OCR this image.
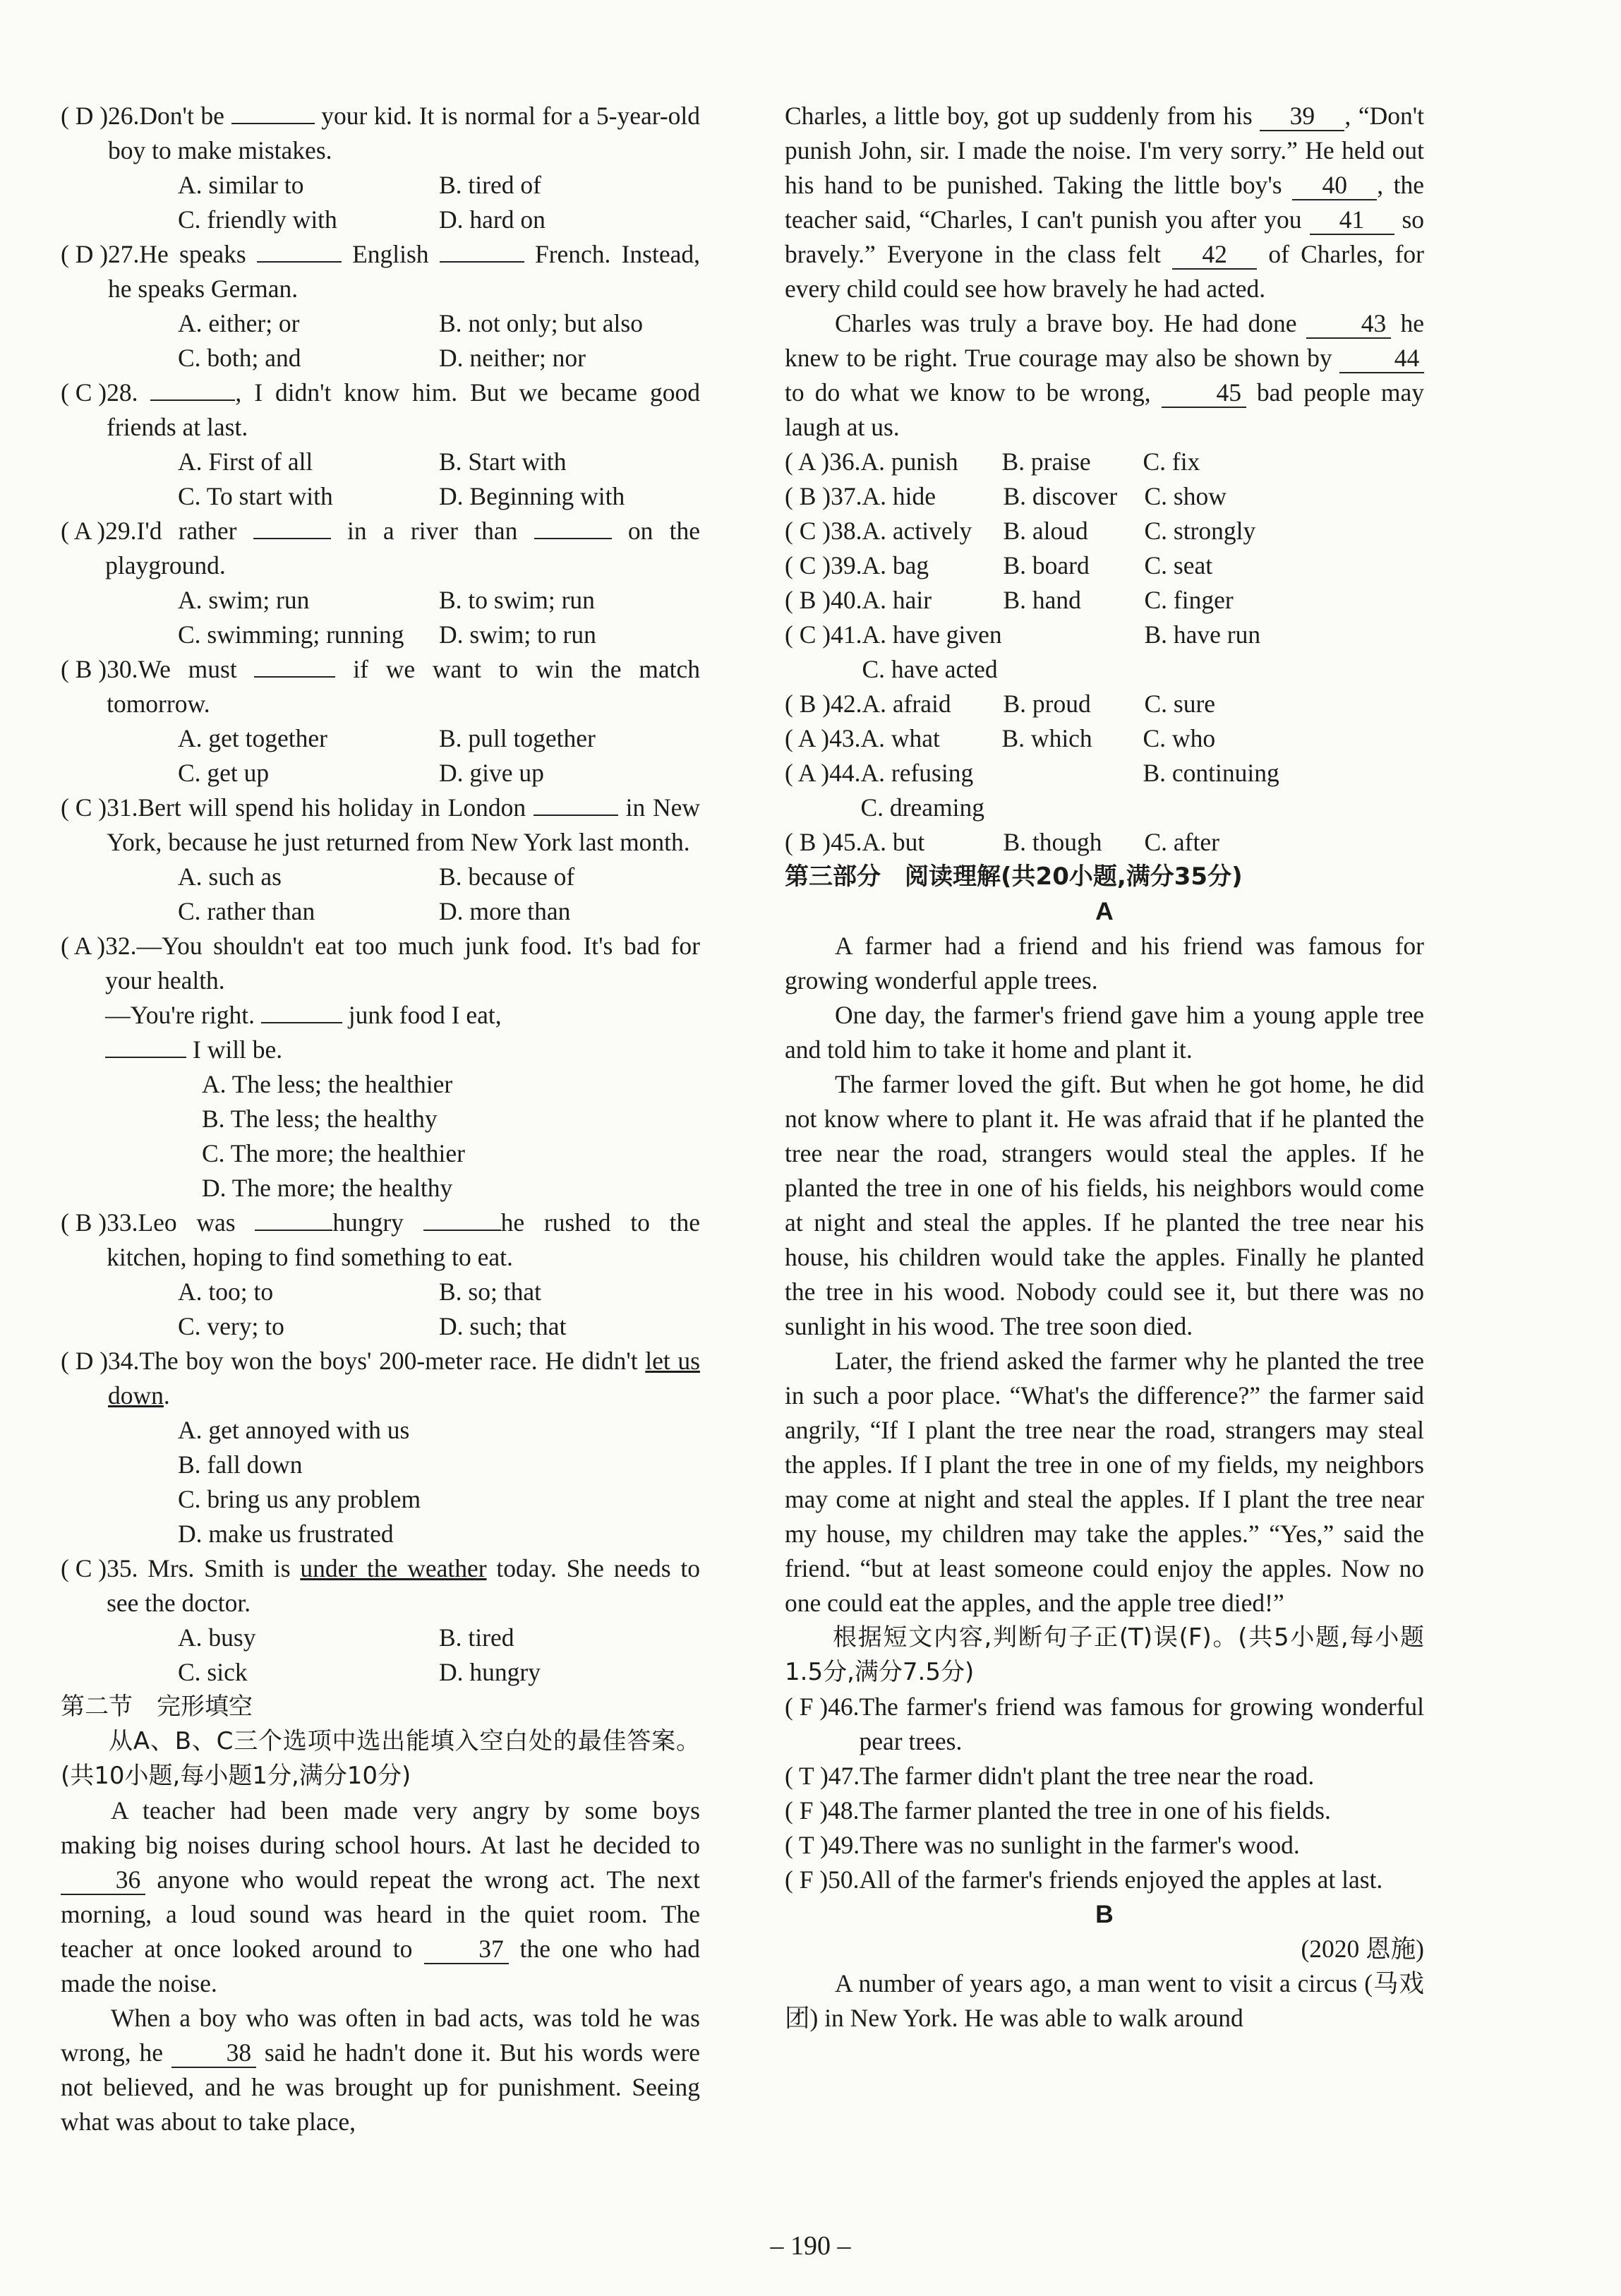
( D ) 26.Don't be	your kid. It is normal for a 5-year-old boy to make mistakes.
A. similar to	B. tired of
C. friendly with	D. hard on
( D ) 27.He speaks	English	French. Instead, he speaks German.
A. either; or	B. not only; but also
C. both; and	D. neither; nor
( C ) 28.	, I didn't know him. But we became good friends at last.
A. First of all	B. Start with
C. To start with	D. Beginning with
( A ) 29.I'd rather	in a river than	on the playground.
A. swim; run	B. to swim; run
C. swimming; running	D. swim; to run
( B ) 30.We must	if we want to win the match tomorrow.
A. get together	B. pull together
C. get up	D. give up
( C ) 31.Bert will spend his holiday in London	in New York, because he just returned from New York last month.
A. such as	B. because of
C. rather than	D. more than
( A ) 32.—You shouldn't eat too much junk food. It's bad for your health.
—You're right.	junk food I eat,
I will be.
A. The less; the healthier
B. The less; the healthy
C. The more; the healthier
D. The more; the healthy
( B ) 33.Leo was	hungry	he rushed to the kitchen, hoping to find something to eat.
A. too; to	B. so; that
C. very; to	D. such; that
( D ) 34.The boy won the boys' 200-meter race. He didn't let us down.
A. get annoyed with us
B. fall down
C. bring us any problem
D. make us frustrated
( C ) 35. Mrs. Smith is under the weather today. She needs to see the doctor.
A. busy	B. tired
C. sick	D. hungry
第二节　完形填空
从A、B、C三个选项中选出能填入空白处的最佳答案。(共10小题,每小题1分,满分10分)
A teacher had been made very angry by some boys making big noises during school hours. At last he decided to 36 anyone who would repeat the wrong act. The next morning, a loud sound was heard in the quiet room. The teacher at once looked around to	37 the one who had made the noise.
When a boy who was often in bad acts, was told he was wrong, he	38 said he hadn't done it. But his words were not believed, and he was brought up for punishment. Seeing what was about to take place,
Charles, a little boy, got up suddenly from his 39 , “Don't punish John, sir. I made the noise. I'm very sorry.” He held out his hand to be punished. Taking the little boy's 40 , the teacher said, “Charles, I can't punish you after you 41 so bravely.” Everyone in the class felt 42 of Charles, for every child could see how bravely he had acted.
Charles was truly a brave boy. He had done	43 he knew to be right. True courage may also be shown by 44 to do what we know to be wrong,	45 bad people may laugh at us.
( A ) 36. A. punish	B. praise	C. fix
( B ) 37. A. hide	B. discover	C. show
( C ) 38. A. actively	B. aloud	C. strongly
( C ) 39. A. bag	B. board	C. seat
( B ) 40. A. hair	B. hand	C. finger
( C ) 41. A. have given	B. have run
C. have acted
( B ) 42. A. afraid	B. proud	C. sure
( A ) 43. A. what	B. which	C. who
( A ) 44. A. refusing	B. continuing
C. dreaming
( B ) 45. A. but	B. though	C. after
第三部分　阅读理解(共20小题,满分35分)
A
A farmer had a friend and his friend was famous for growing wonderful apple trees.
One day, the farmer's friend gave him a young apple tree and told him to take it home and plant it.
The farmer loved the gift. But when he got home, he did not know where to plant it. He was afraid that if he planted the tree near the road, strangers would steal the apples. If he planted the tree in one of his fields, his neighbors would come at night and steal the apples. If he planted the tree near his house, his children would take the apples. Finally he planted the tree in his wood. Nobody could see it, but there was no sunlight in his wood. The tree soon died.
Later, the friend asked the farmer why he planted the tree in such a poor place. “What's the difference?” the farmer said angrily, “If I plant the tree near the road, strangers may steal the apples. If I plant the tree in one of my fields, my neighbors may come at night and steal the apples. If I plant the tree near my house, my children may take the apples.” “Yes,” said the friend. “but at least someone could enjoy the apples. Now no one could eat the apples, and the apple tree died!”
根据短文内容,判断句子正(T)误(F)。(共5小题,每小题1.5分,满分7.5分)
( F ) 46. The farmer's friend was famous for growing wonderful pear trees.
( T ) 47. The farmer didn't plant the tree near the road.
( F ) 48. The farmer planted the tree in one of his fields.
( T ) 49. There was no sunlight in the farmer's wood.
( F ) 50. All of the farmer's friends enjoyed the apples at last.
B
(2020 恩施)
A number of years ago, a man went to visit a circus (马戏团) in New York. He was able to walk around
– 190 –
